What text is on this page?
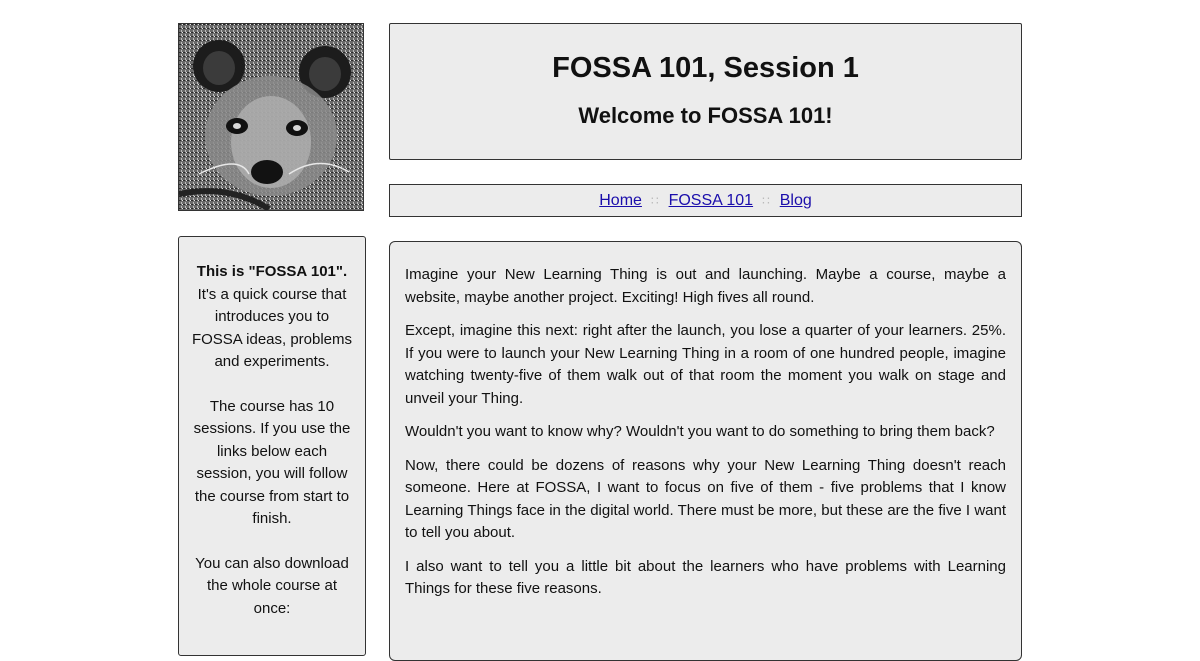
FOSSA 101, Session 1
Welcome to FOSSA 101!
Home ∷ FOSSA 101 ∷ Blog

This is "FOSSA 101". It's a quick course that introduces you to FOSSA ideas, problems and experiments.

The course has 10 sessions. If you use the links below each session, you will follow the course from start to finish.

You can also download the whole course at once:

Imagine your New Learning Thing is out and launching. Maybe a course, maybe a website, maybe another project. Exciting! High fives all round.

Except, imagine this next: right after the launch, you lose a quarter of your learners. 25%. If you were to launch your New Learning Thing in a room of one hundred people, imagine watching twenty-five of them walk out of that room the moment you walk on stage and unveil your Thing.

Wouldn't you want to know why? Wouldn't you want to do something to bring them back?

Now, there could be dozens of reasons why your New Learning Thing doesn't reach someone. Here at FOSSA, I want to focus on five of them - five problems that I know Learning Things face in the digital world. There must be more, but these are the five I want to tell you about.

I also want to tell you a little bit about the learners who have problems with Learning Things for these five reasons.
